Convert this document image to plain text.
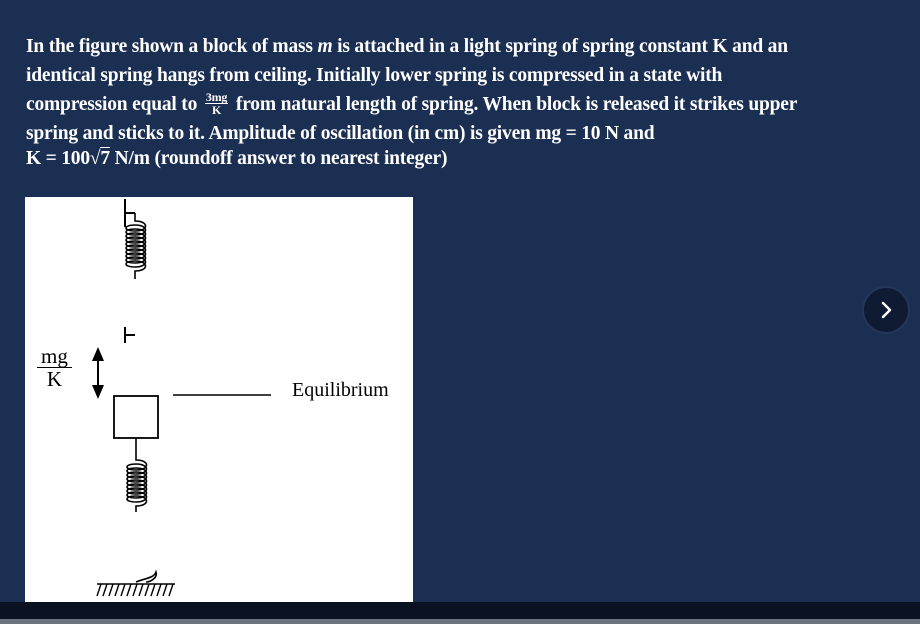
In the figure shown a block of mass m is attached in a light spring of spring constant K and an
identical spring hangs from ceiling. Initially lower spring is compressed in a state with
compression equal to $\frac{3mg}{K}$ from natural length of spring. When block is released it strikes upper
spring and sticks to it. Amplitude of oscillation (in cm) is given mg = 10 N and
K = 100√7 N/m (roundoff answer to nearest integer)
$\frac{mg}{K}$	Equilibrium
